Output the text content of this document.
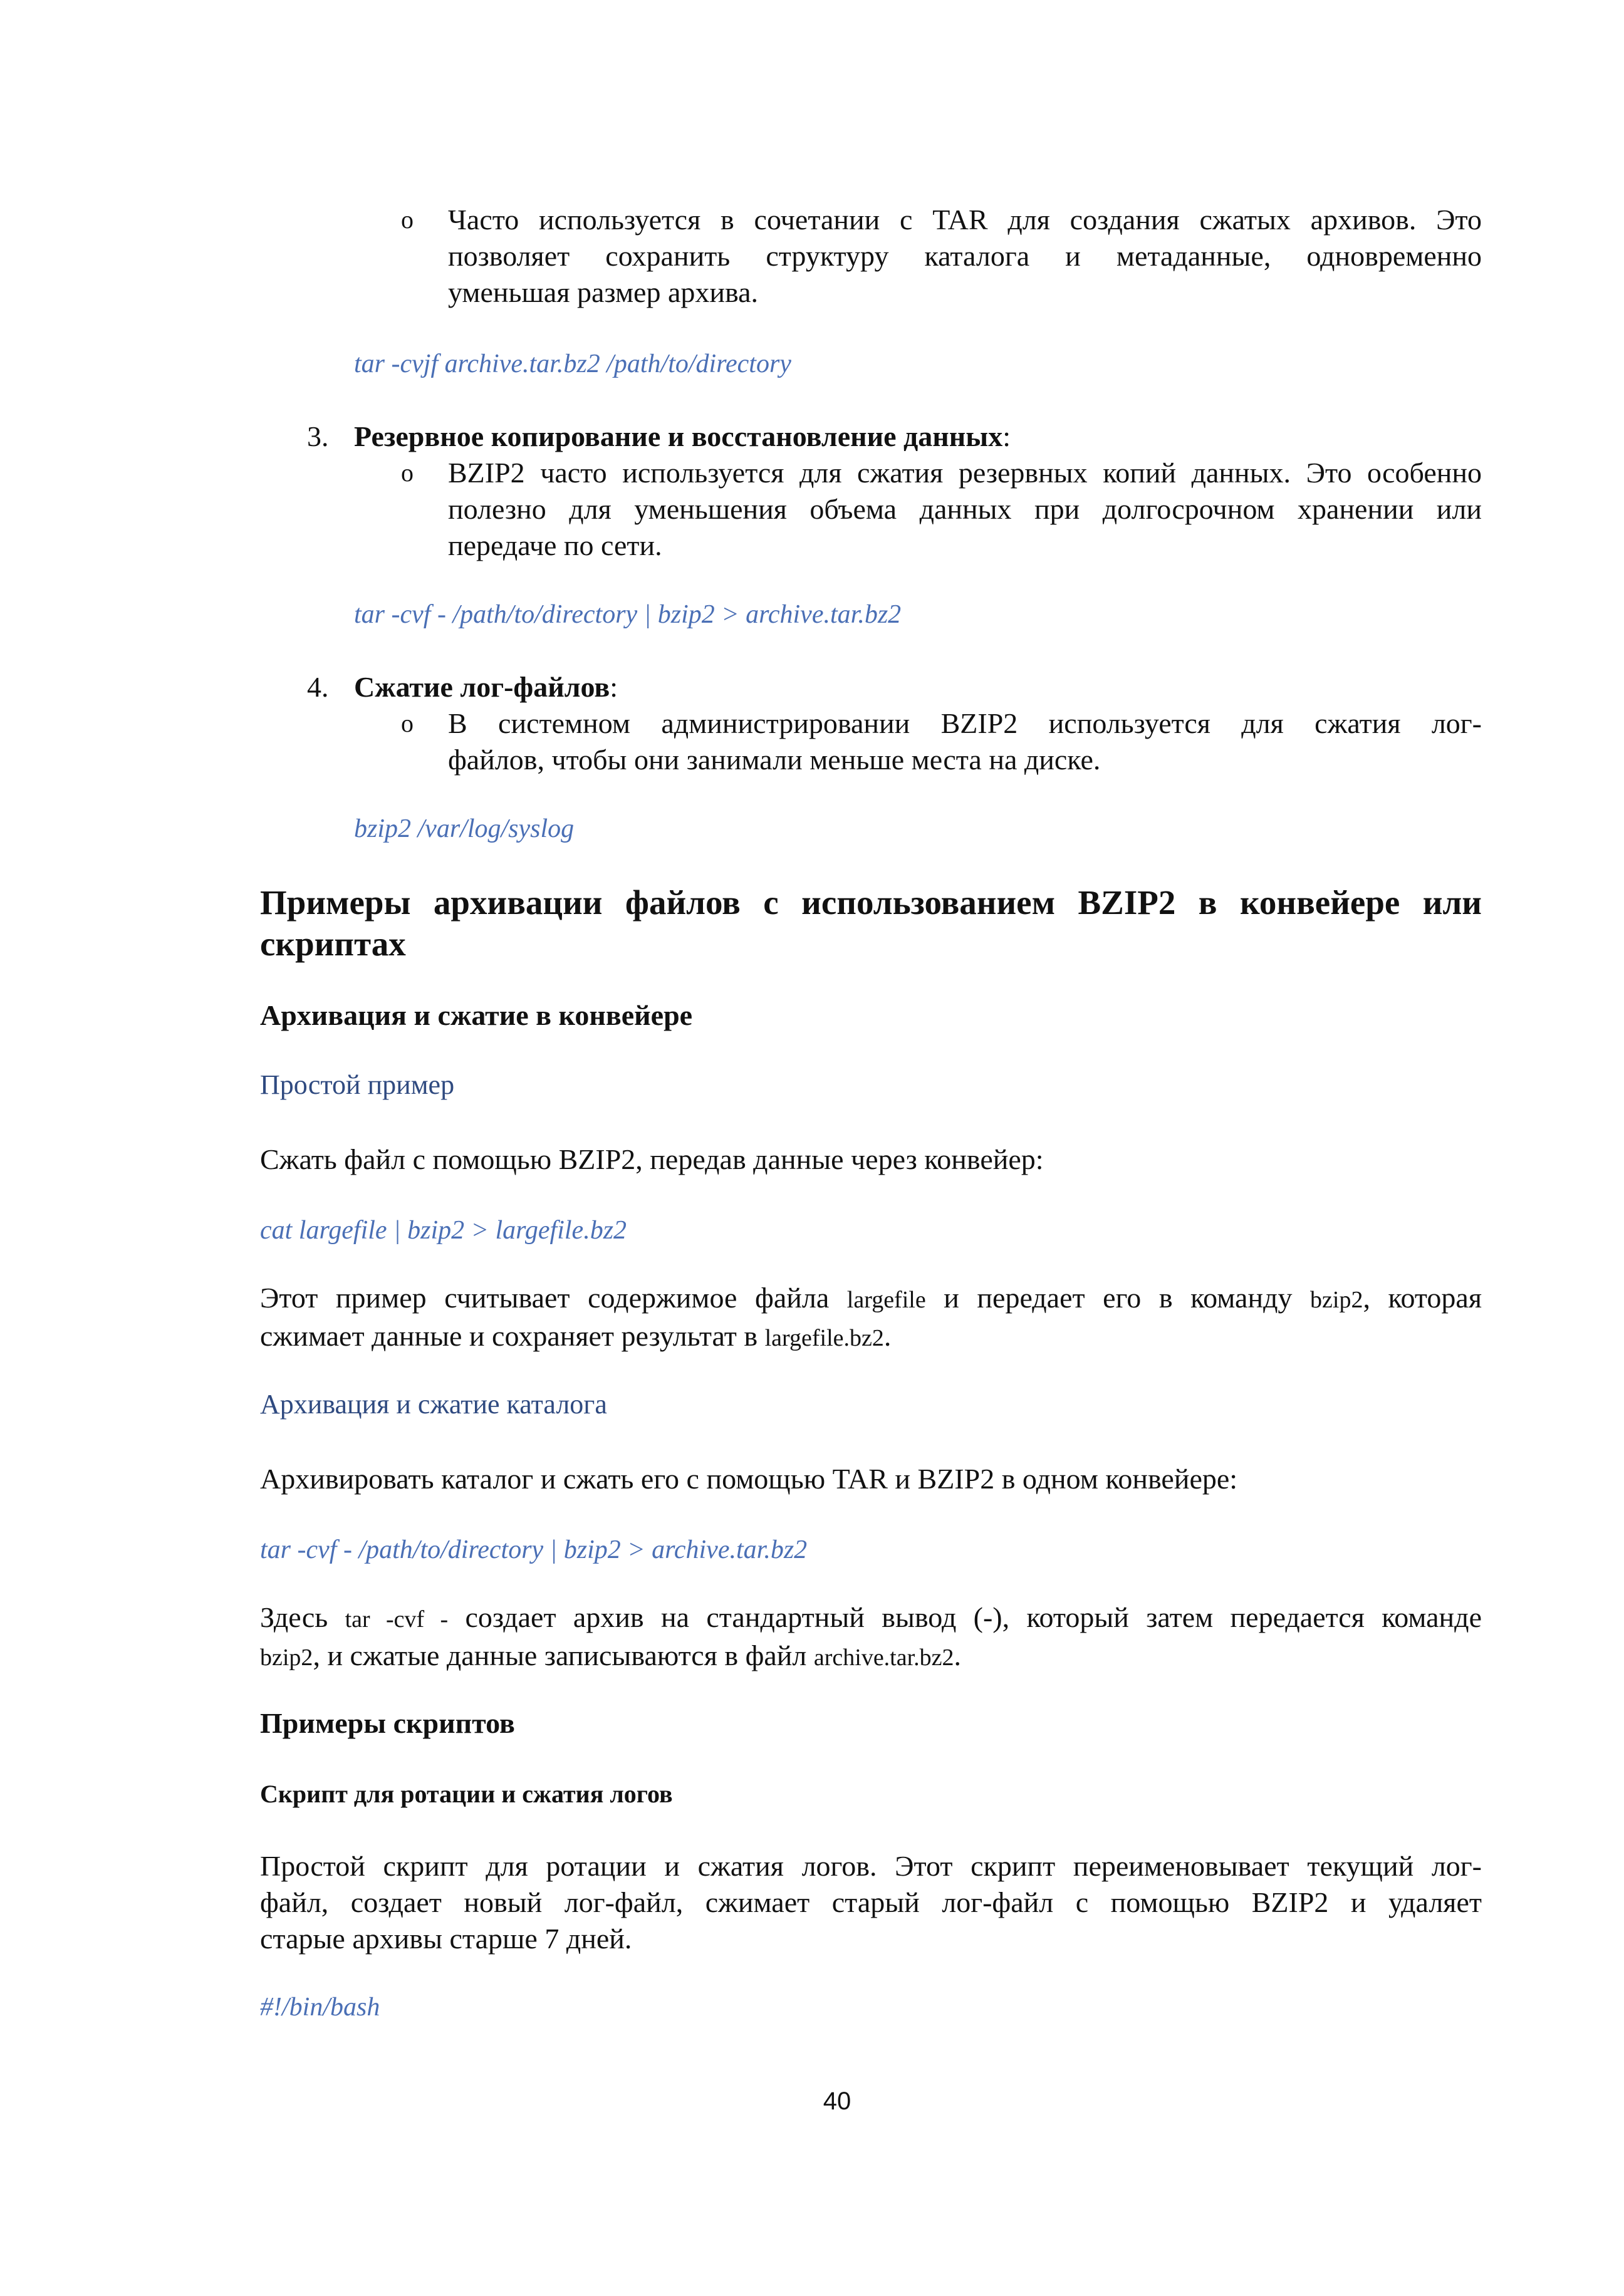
o Часто используется в сочетании с TAR для создания сжатых архивов. Это
позволяет сохранить структуру каталога и метаданные, одновременно
уменьшая размер архива.
tar -cvjf archive.tar.bz2 /path/to/directory
3. Резервное копирование и восстановление данных:
o BZIP2 часто используется для сжатия резервных копий данных. Это особенно
полезно для уменьшения объема данных при долгосрочном хранении или
передаче по сети.
tar -cvf - /path/to/directory | bzip2 > archive.tar.bz2
4. Сжатие лог-файлов:
o В системном администрировании BZIP2 используется для сжатия лог-
файлов, чтобы они занимали меньше места на диске.
bzip2 /var/log/syslog
Примеры архивации файлов с использованием BZIP2 в конвейере или
скриптах
Архивация и сжатие в конвейере
Простой пример
Сжать файл с помощью BZIP2, передав данные через конвейер:
cat largefile | bzip2 > largefile.bz2
Этот пример считывает содержимое файла largefile и передает его в команду bzip2, которая
сжимает данные и сохраняет результат в largefile.bz2.
Архивация и сжатие каталога
Архивировать каталог и сжать его с помощью TAR и BZIP2 в одном конвейере:
tar -cvf - /path/to/directory | bzip2 > archive.tar.bz2
Здесь tar -cvf - создает архив на стандартный вывод (-), который затем передается команде
bzip2, и сжатые данные записываются в файл archive.tar.bz2.
Примеры скриптов
Скрипт для ротации и сжатия логов
Простой скрипт для ротации и сжатия логов. Этот скрипт переименовывает текущий лог-
файл, создает новый лог-файл, сжимает старый лог-файл с помощью BZIP2 и удаляет
старые архивы старше 7 дней.
#!/bin/bash
40
